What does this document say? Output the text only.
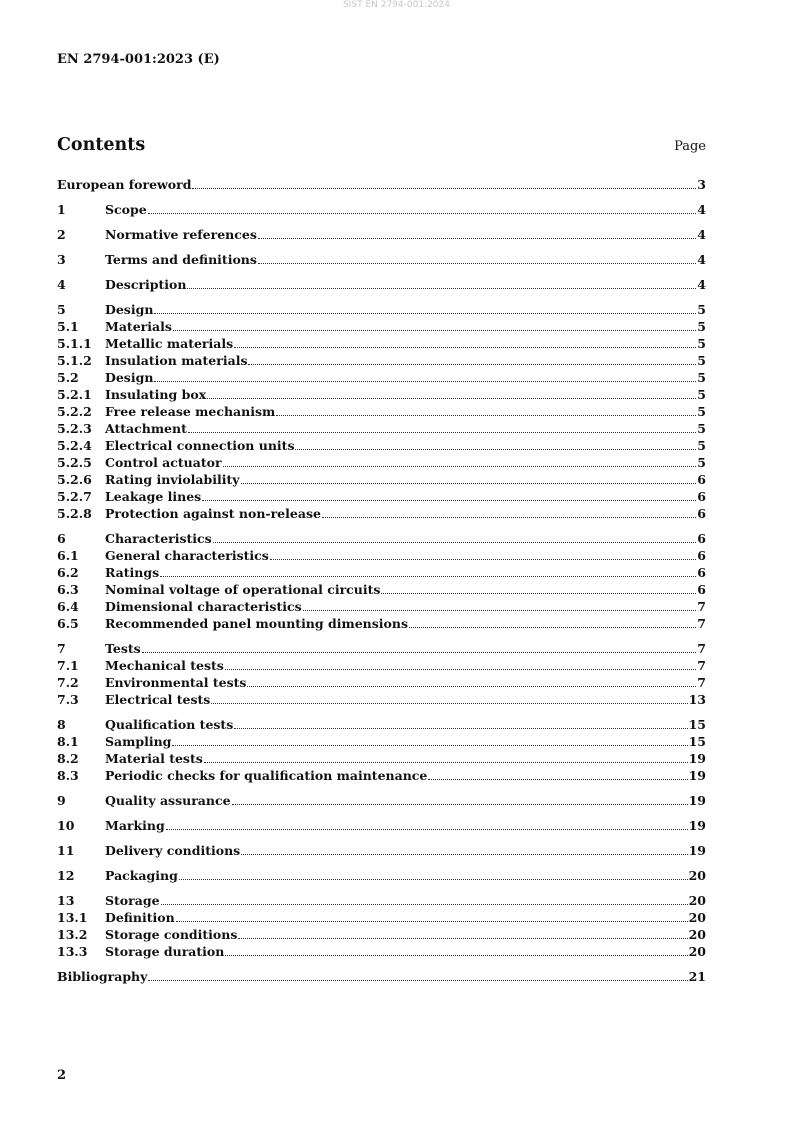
SIST EN 2794-001:2024
EN 2794-001:2023 (E)
Contents	Page
European foreword	3
1	Scope	4
2	Normative references	4
3	Terms and definitions	4
4	Description	4
5	Design	5
5.1	Materials	5
5.1.1	Metallic materials	5
5.1.2	Insulation materials	5
5.2	Design	5
5.2.1	Insulating box	5
5.2.2	Free release mechanism	5
5.2.3	Attachment	5
5.2.4	Electrical connection units	5
5.2.5	Control actuator	5
5.2.6	Rating inviolability	6
5.2.7	Leakage lines	6
5.2.8	Protection against non-release	6
6	Characteristics	6
6.1	General characteristics	6
6.2	Ratings	6
6.3	Nominal voltage of operational circuits	6
6.4	Dimensional characteristics	7
6.5	Recommended panel mounting dimensions	7
7	Tests	7
7.1	Mechanical tests	7
7.2	Environmental tests	7
7.3	Electrical tests	13
8	Qualification tests	15
8.1	Sampling	15
8.2	Material tests	19
8.3	Periodic checks for qualification maintenance	19
9	Quality assurance	19
10	Marking	19
11	Delivery conditions	19
12	Packaging	20
13	Storage	20
13.1	Definition	20
13.2	Storage conditions	20
13.3	Storage duration	20
Bibliography	21
2
